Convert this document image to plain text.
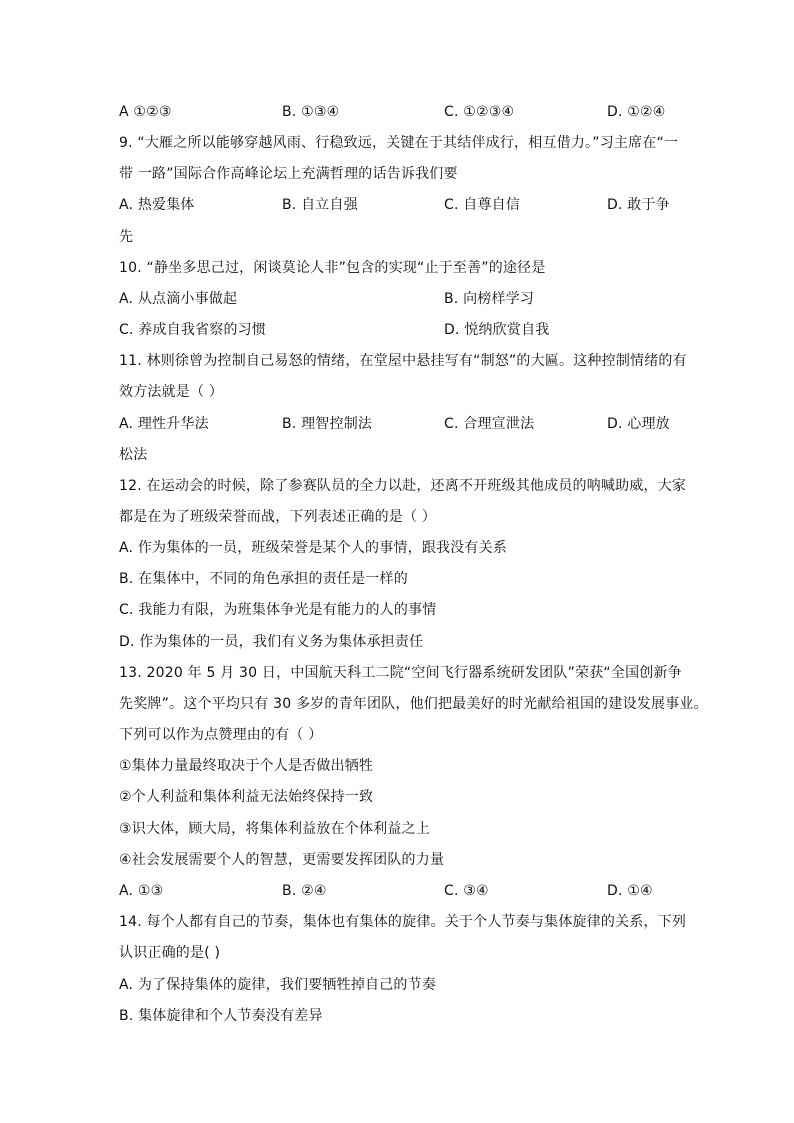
A ①②③	B. ①③④	C. ①②③④	D. ①②④
9. “大雁之所以能够穿越风雨、行稳致远，关键在于其结伴成行，相互借力。”习主席在“一
带 一路”国际合作高峰论坛上充满哲理的话告诉我们要
A. 热爱集体	B. 自立自强	C. 自尊自信	D. 敢于争
先
10. “静坐多思己过，闲谈莫论人非”包含的实现“止于至善”的途径是
A. 从点滴小事做起	B. 向榜样学习
C. 养成自我省察的习惯	D. 悦纳欣赏自我
11. 林则徐曾为控制自己易怒的情绪，在堂屋中悬挂写有“制怒”的大匾。这种控制情绪的有
效方法就是（ ）
A. 理性升华法	B. 理智控制法	C. 合理宣泄法	D. 心理放
松法
12. 在运动会的时候，除了参赛队员的全力以赴，还离不开班级其他成员的呐喊助威，大家
都是在为了班级荣誉而战，下列表述正确的是（ ）
A. 作为集体的一员，班级荣誉是某个人的事情，跟我没有关系
B. 在集体中，不同的角色承担的责任是一样的
C. 我能力有限，为班集体争光是有能力的人的事情
D. 作为集体的一员，我们有义务为集体承担责任
13. 2020 年 5 月 30 日，中国航天科工二院“空间飞行器系统研发团队”荣获“全国创新争
先奖牌”。这个平均只有 30 多岁的青年团队，他们把最美好的时光献给祖国的建设发展事业。
下列可以作为点赞理由的有（ ）
①集体力量最终取决于个人是否做出牺牲
②个人利益和集体利益无法始终保持一致
③识大体，顾大局，将集体利益放在个体利益之上
④社会发展需要个人的智慧，更需要发挥团队的力量
A. ①③	B. ②④	C. ③④	D. ①④
14. 每个人都有自己的节奏，集体也有集体的旋律。关于个人节奏与集体旋律的关系，下列
认识正确的是( )
A. 为了保持集体的旋律，我们要牺牲掉自己的节奏
B. 集体旋律和个人节奏没有差异
